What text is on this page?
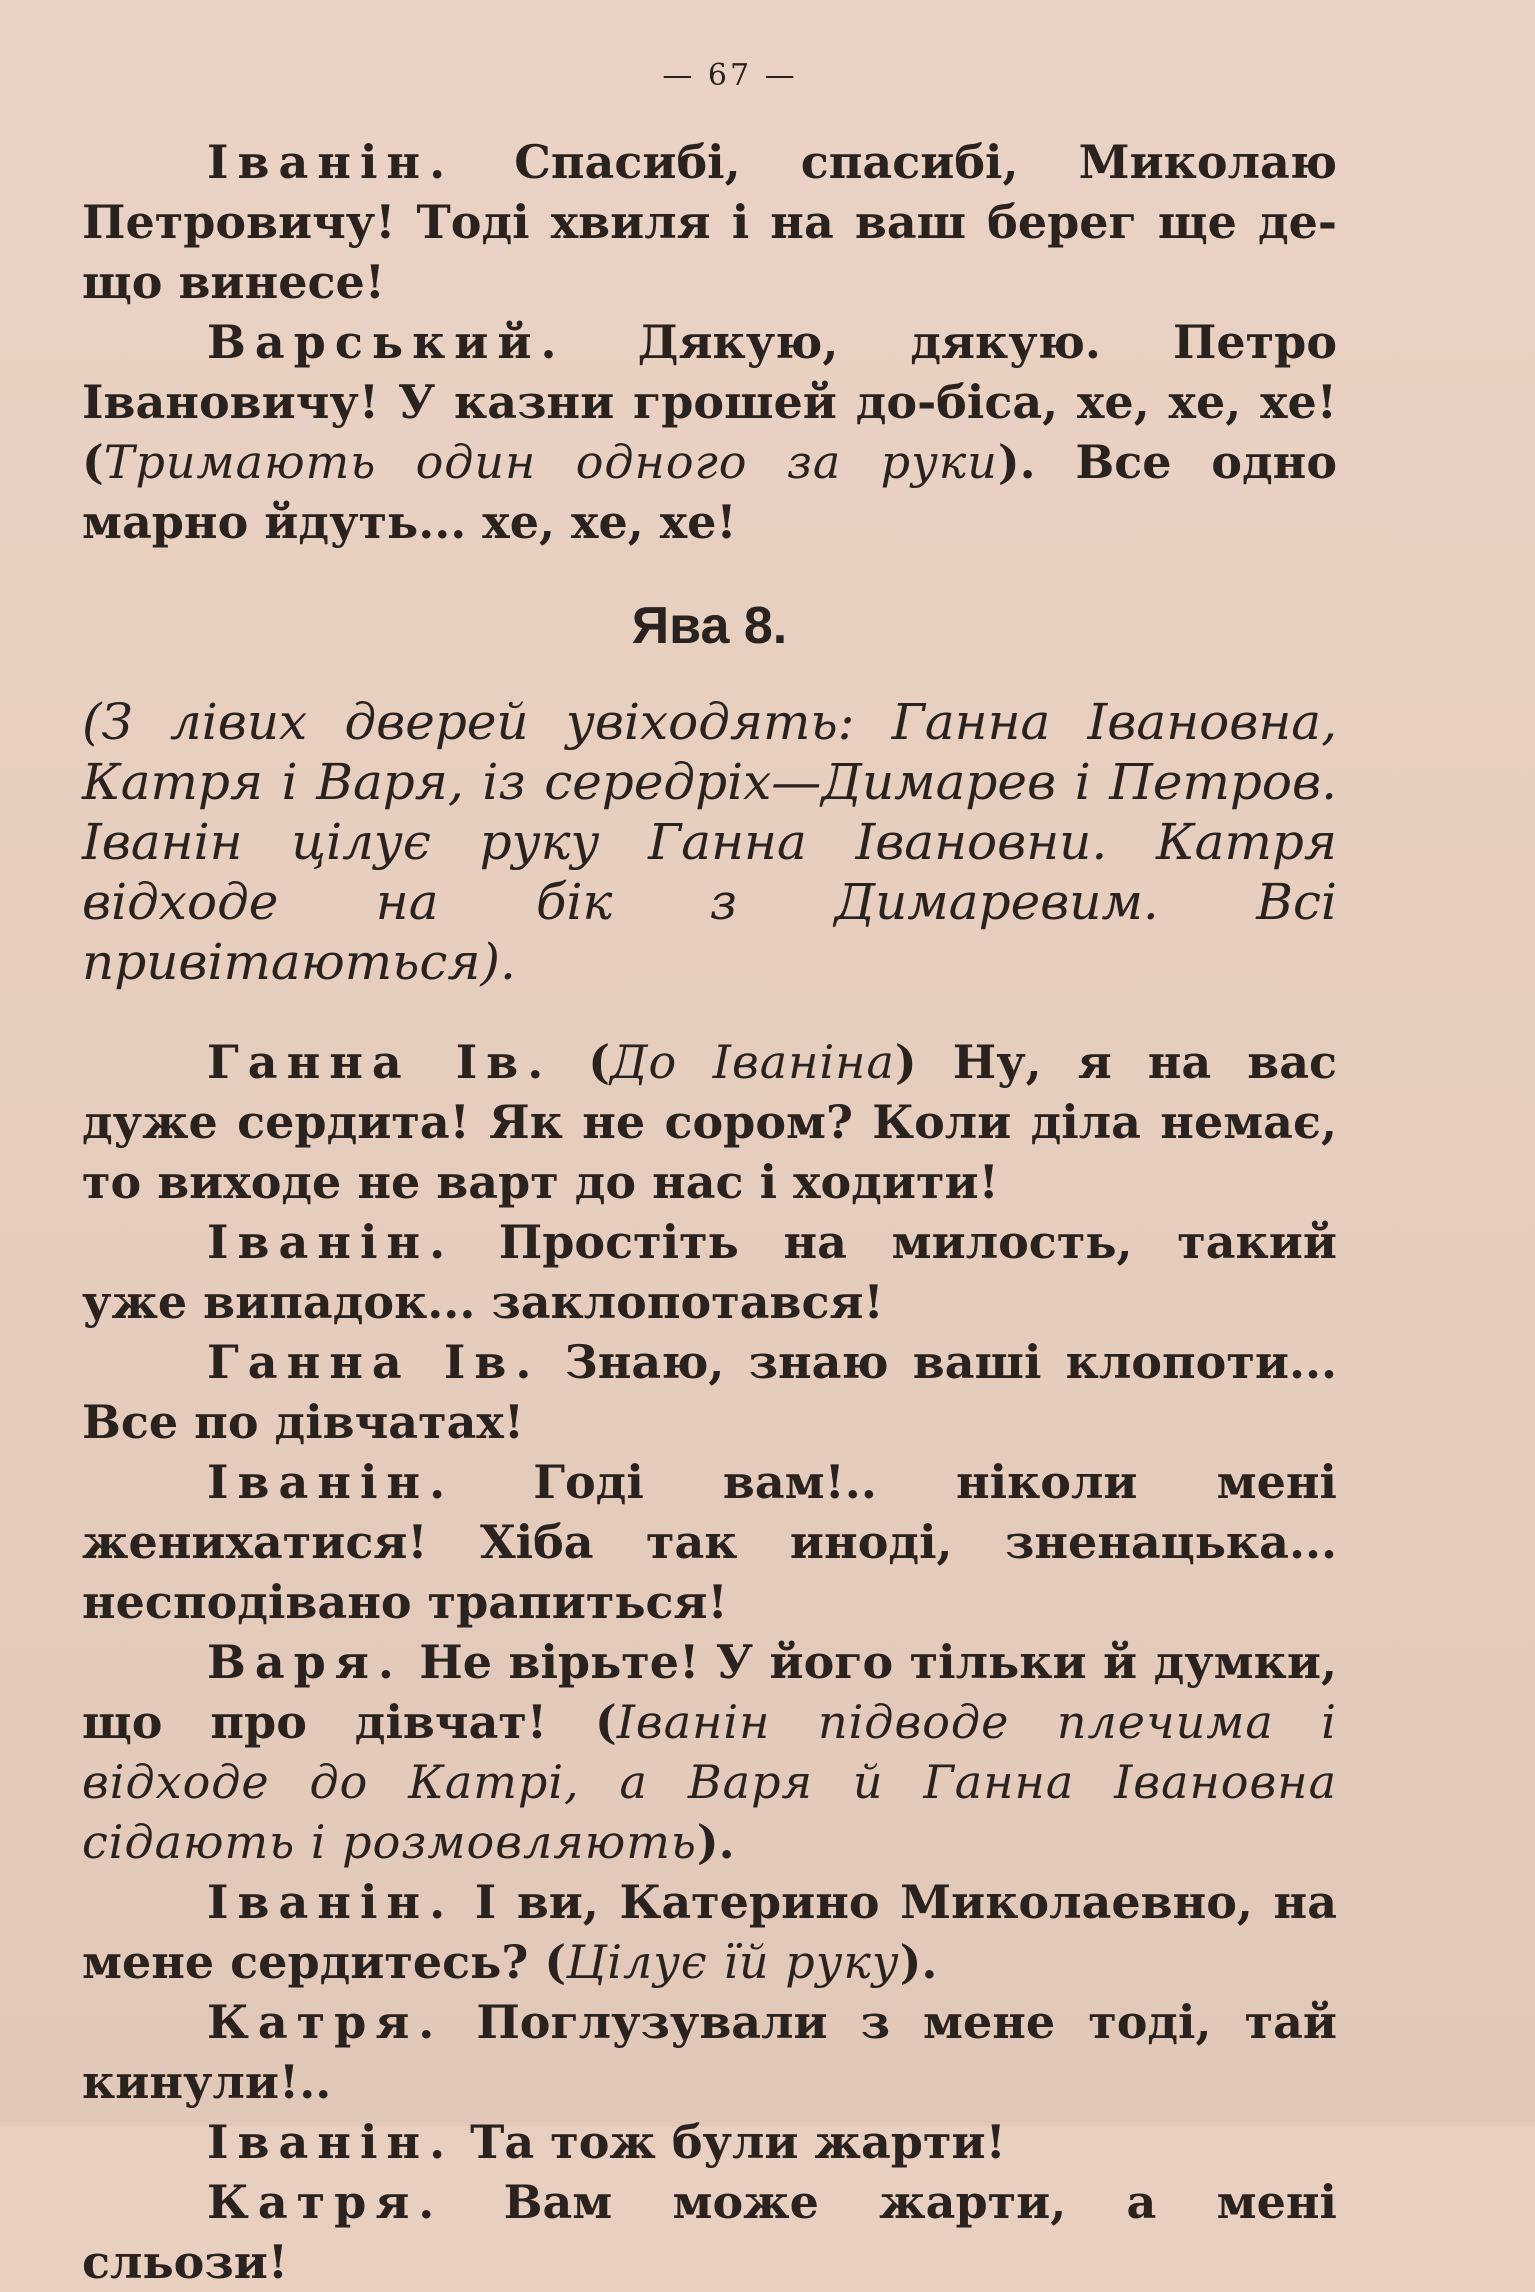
— 67 —

Іванін. Спасибі, спасибі, Миколаю Петровичу! Тоді хвиля і на ваш берег ще де-що винесе!

Варський. Дякую, дякую. Петро Івановичу! У казни грошей до-біса, хе, хе, хе! (Тримають один одного за руки). Все одно марно йдуть... хе, хе, хе!

Ява 8.
(З лівих дверей увіходять: Ганна Івановна, Катря і Варя, із середріх—Димарев і Петров. Іванін цілує руку Ганна Івановни. Катря відходе на бік з Димаревим. Всі привітаються).

Ганна Ів. (До Іваніна) Ну, я на вас дуже сердита! Як не сором? Коли діла немає, то виходе не варт до нас і ходити!

Іванін. Простіть на милость, такий уже випадок... заклопотався!

Ганна Ів. Знаю, знаю ваші клопоти... Все по дівчатах!

Іванін. Годі вам!.. ніколи мені женихатися! Хіба так иноді, зненацька... несподівано трапиться!

Варя. Не вірьте! У його тільки й думки, що про дівчат! (Іванін підводе плечима і відходе до Катрі, а Варя й Ганна Івановна сідають і розмовляють).

Іванін. І ви, Катерино Миколаевно, на мене сердитесь? (Цілує їй руку).

Катря. Поглузували з мене тоді, тай кинули!..

Іванін. Та тож були жарти!

Катря. Вам може жарти, а мені сльози!
